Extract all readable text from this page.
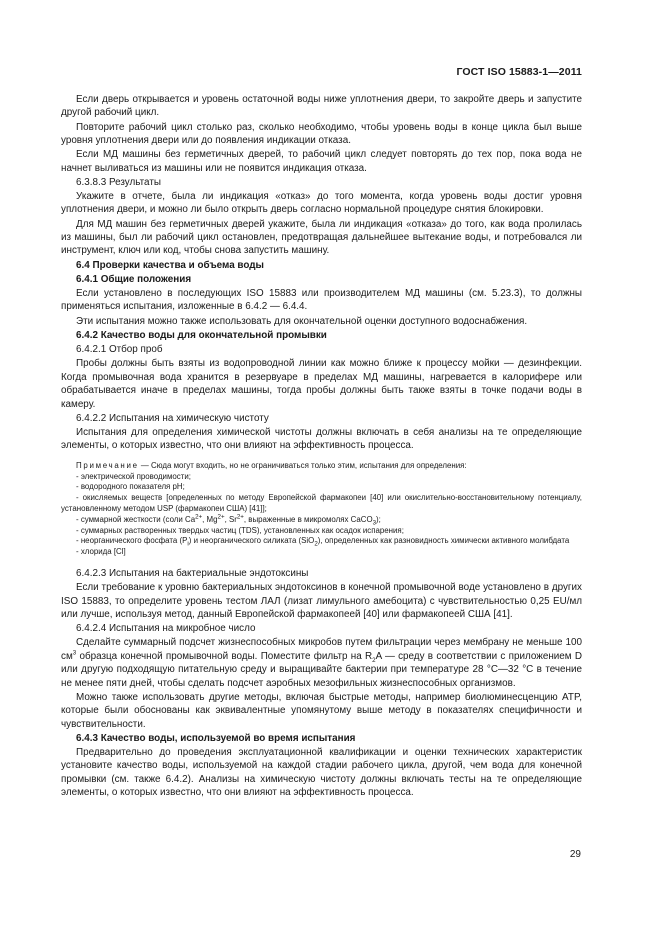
ГОСТ ISO 15883-1—2011

Если дверь открывается и уровень остаточной воды ниже уплотнения двери, то закройте дверь и запустите другой рабочий цикл.

Повторите рабочий цикл столько раз, сколько необходимо, чтобы уровень воды в конце цикла был выше уровня уплотнения двери или до появления индикации отказа.

Если МД машины без герметичных дверей, то рабочий цикл следует повторять до тех пор, пока вода не начнет выливаться из машины или не появится индикация отказа.

6.3.8.3 Результаты

Укажите в отчете, была ли индикация «отказ» до того момента, когда уровень воды достиг уровня уплотнения двери, и можно ли было открыть дверь согласно нормальной процедуре снятия блокировки.

Для МД машин без герметичных дверей укажите, была ли индикация «отказа» до того, как вода пролилась из машины, был ли рабочий цикл остановлен, предотвращая дальнейшее вытекание воды, и потребовался ли инструмент, ключ или код, чтобы снова запустить машину.

6.4 Проверки качества и объема воды

6.4.1 Общие положения

Если установлено в последующих ISO 15883 или производителем МД машины (см. 5.23.3), то должны применяться испытания, изложенные в 6.4.2 — 6.4.4.

Эти испытания можно также использовать для окончательной оценки доступного водоснабжения.

6.4.2 Качество воды для окончательной промывки

6.4.2.1 Отбор проб

Пробы должны быть взяты из водопроводной линии как можно ближе к процессу мойки — дезинфекции. Когда промывочная вода хранится в резервуаре в пределах МД машины, нагревается в калорифере или обрабатывается иначе в пределах машины, тогда пробы должны быть также взяты в точке подачи воды в камеру.

6.4.2.2 Испытания на химическую чистоту

Испытания для определения химической чистоты должны включать в себя анализы на те определяющие элементы, о которых известно, что они влияют на эффективность процесса.

Примечание — Сюда могут входить, но не ограничиваться только этим, испытания для определения:

- электрической проводимости;

- водородного показателя pH;

- окисляемых веществ [определенных по методу Европейской фармакопеи [40] или окислительно-восстановительному потенциалу, установленному методом USP (фармакопеи США) [41]];

- суммарной жесткости (соли $Ca^{2+}$, $Mg^{2+}$, $Sr^{2+}$, выраженные в микромолях CaCO$_3$);

- суммарных растворенных твердых частиц (TDS), установленных как осадок испарения;

- неорганического фосфата $(P_i)$ и неорганического силиката (SiO$_2$), определенных как разновидность химически активного молибдата

- хлорида [Cl]

6.4.2.3 Испытания на бактериальные эндотоксины

Если требование к уровню бактериальных эндотоксинов в конечной промывочной воде установлено в других ISO 15883, то определите уровень тестом ЛАЛ (лизат лимульного амебоцита) с чувствительностью 0,25 EU/мл или лучше, используя метод, данный Европейской фармакопеей [40] или фармакопеей США [41].

6.4.2.4 Испытания на микробное число

Сделайте суммарный подсчет жизнеспособных микробов путем фильтрации через мембрану не меньше 100 $см^3$ образца конечной промывочной воды. Поместите фильтр на $R_2A$ — среду в соответствии с приложением D или другую подходящую питательную среду и выращивайте бактерии при температуре 28 °С—32 °С в течение не менее пяти дней, чтобы сделать подсчет аэробных мезофильных жизнеспособных организмов.

Можно также использовать другие методы, включая быстрые методы, например биолюминесценцию ATP, которые были обоснованы как эквивалентные упомянутому выше методу в показателях специфичности и чувствительности.

6.4.3 Качество воды, используемой во время испытания

Предварительно до проведения эксплуатационной квалификации и оценки технических характеристик установите качество воды, используемой на каждой стадии рабочего цикла, другой, чем вода для конечной промывки (см. также 6.4.2). Анализы на химическую чистоту должны включать тесты на те определяющие элементы, о которых известно, что они влияют на эффективность процесса.

29
